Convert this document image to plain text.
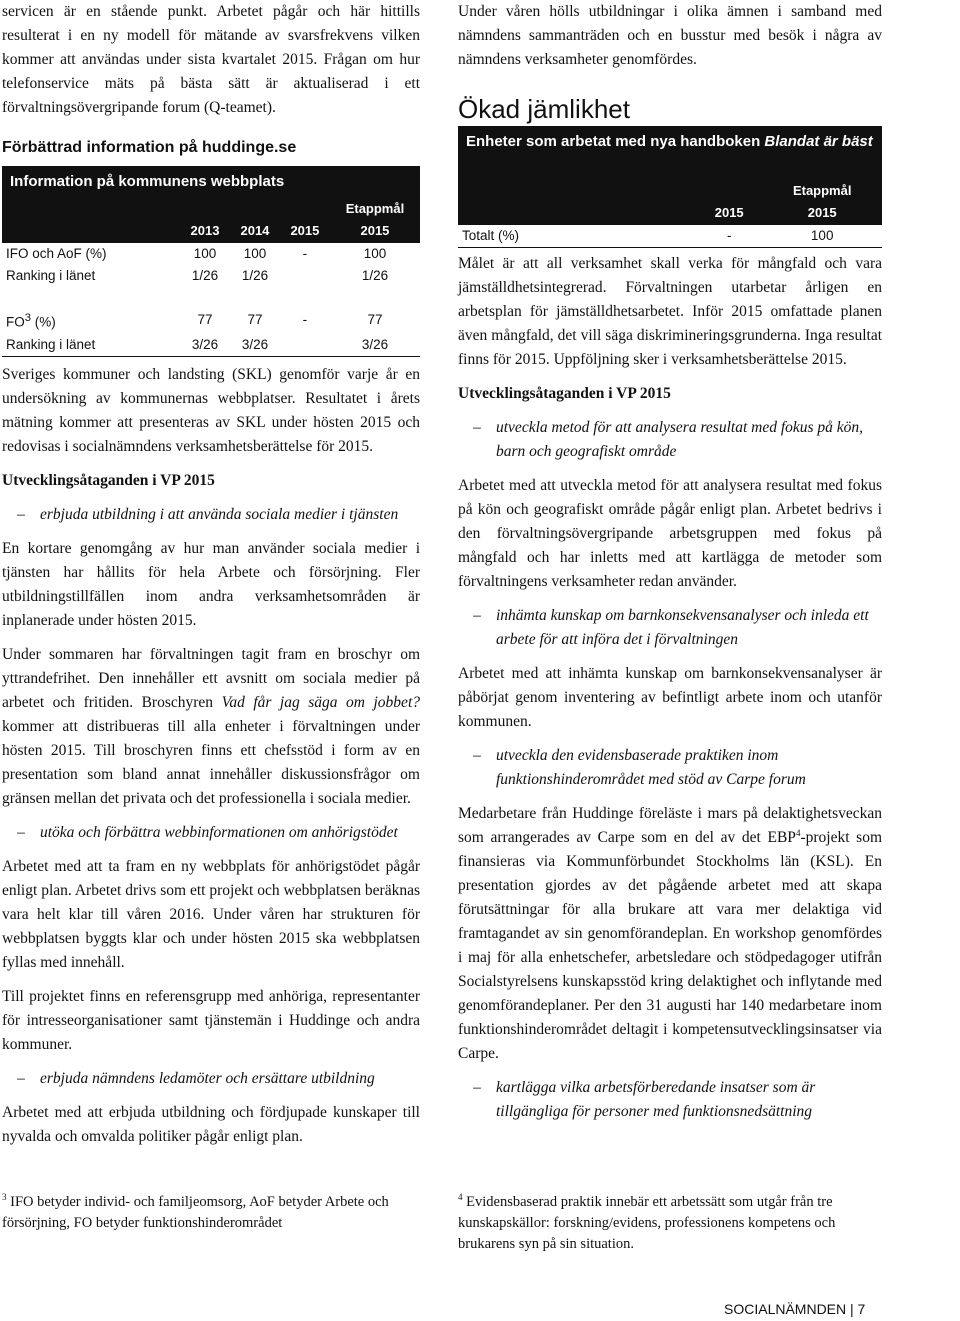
servicen är en stående punkt. Arbetet pågår och här hittills resulterat i en ny modell för mätande av svarsfrekvens vilken kommer att användas under sista kvartalet 2015. Frågan om hur telefonservice mäts på bästa sätt är aktualiserad i ett förvaltningsövergripande forum (Q-teamet).

Förbättrad information på huddinge.se
Information på kommunens webbplats
				Etappmål
	2013	2014	2015	2015
IFO och AoF (%)	100	100	-	100
Ranking i länet	1/26	1/26		1/26

$FO^3$ (%)	77	77	-	77
Ranking i länet	3/26	3/26		3/26

Sveriges kommuner och landsting (SKL) genomför varje år en undersökning av kommunernas webbplatser. Resultatet i årets mätning kommer att presenteras av SKL under hösten 2015 och redovisas i socialnämndens verksamhetsberättelse för 2015.

Utvecklingsåtaganden i VP 2015
– erbjuda utbildning i att använda sociala medier i tjänsten

En kortare genomgång av hur man använder sociala medier i tjänsten har hållits för hela Arbete och försörjning. Fler utbildningstillfällen inom andra verksamhetsområden är inplanerade under hösten 2015.

Under sommaren har förvaltningen tagit fram en broschyr om yttrandefrihet. Den innehåller ett avsnitt om sociala medier på arbetet och fritiden. Broschyren Vad får jag säga om jobbet? kommer att distribueras till alla enheter i förvaltningen under hösten 2015. Till broschyren finns ett chefsstöd i form av en presentation som bland annat innehåller diskussionsfrågor om gränsen mellan det privata och det professionella i sociala medier.

– utöka och förbättra webbinformationen om anhörigstödet

Arbetet med att ta fram en ny webbplats för anhörigstödet pågår enligt plan. Arbetet drivs som ett projekt och webbplatsen beräknas vara helt klar till våren 2016. Under våren har strukturen för webbplatsen byggts klar och under hösten 2015 ska webbplatsen fyllas med innehåll.

Till projektet finns en referensgrupp med anhöriga, representanter för intresseorganisationer samt tjänstemän i Huddinge och andra kommuner.

– erbjuda nämndens ledamöter och ersättare utbildning

Arbetet med att erbjuda utbildning och fördjupade kunskaper till nyvalda och omvalda politiker pågår enligt plan.

$^3$ IFO betyder individ- och familjeomsorg, AoF betyder Arbete och försörjning, FO betyder funktionshinderområdet

Under våren hölls utbildningar i olika ämnen i samband med nämndens sammanträden och en busstur med besök i några av nämndens verksamheter genomfördes.

Ökad jämlikhet
Enheter som arbetat med nya handboken Blandat är bäst
		Etappmål
	2015	2015
Totalt (%)	-	100

Målet är att all verksamhet skall verka för mångfald och vara jämställdhetsintegrerad. Förvaltningen utarbetar årligen en arbetsplan för jämställdhetsarbetet. Inför 2015 omfattade planen även mångfald, det vill säga diskrimineringsgrunderna. Inga resultat finns för 2015. Uppföljning sker i verksamhetsberättelse 2015.

Utvecklingsåtaganden i VP 2015
– utveckla metod för att analysera resultat med fokus på kön, barn och geografiskt område

Arbetet med att utveckla metod för att analysera resultat med fokus på kön och geografiskt område pågår enligt plan. Arbetet bedrivs i den förvaltningsövergripande arbetsgruppen med fokus på mångfald och har inletts med att kartlägga de metoder som förvaltningens verksamheter redan använder.

– inhämta kunskap om barnkonsekvensanalyser och inleda ett arbete för att införa det i förvaltningen

Arbetet med att inhämta kunskap om barnkonsekvensanalyser är påbörjat genom inventering av befintligt arbete inom och utanför kommunen.

– utveckla den evidensbaserade praktiken inom funktionshinderområdet med stöd av Carpe forum

Medarbetare från Huddinge föreläste i mars på delaktighetsveckan som arrangerades av Carpe som en del av det EBP$^4$-projekt som finansieras via Kommunförbundet Stockholms län (KSL). En presentation gjordes av det pågående arbetet med att skapa förutsättningar för alla brukare att vara mer delaktiga vid framtagandet av sin genomförandeplan. En workshop genomfördes i maj för alla enhetschefer, arbetsledare och stödpedagoger utifrån Socialstyrelsens kunskapsstöd kring delaktighet och inflytande med genomförandeplaner. Per den 31 augusti har 140 medarbetare inom funktionshinderområdet deltagit i kompetensutvecklingsinsatser via Carpe.

– kartlägga vilka arbetsförberedande insatser som är tillgängliga för personer med funktionsnedsättning
$^4$ Evidensbaserad praktik innebär ett arbetssätt som utgår från tre kunskapskällor: forskning/evidens, professionens kompetens och brukarens syn på sin situation.
SOCIALNÄMNDEN | 7
